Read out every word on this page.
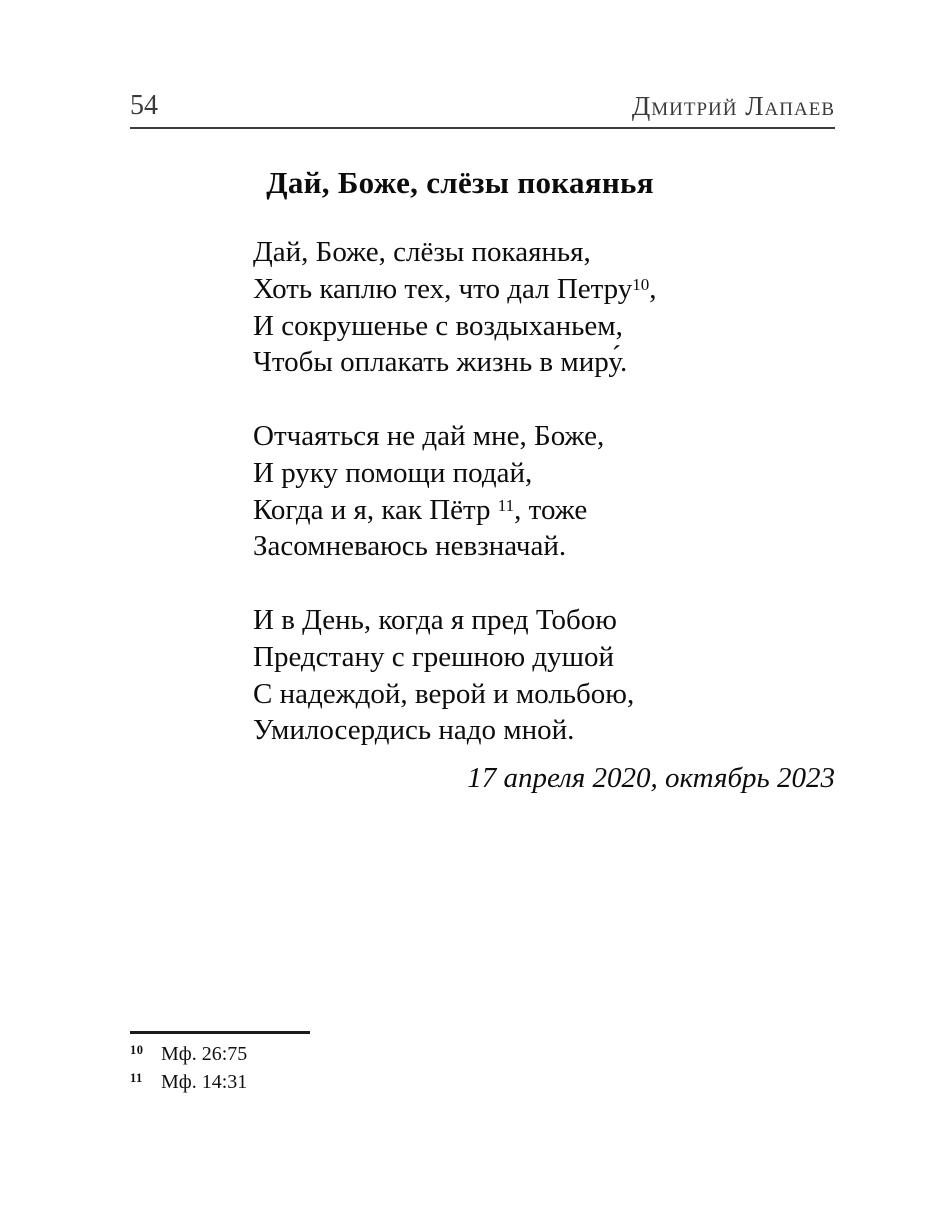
54	Дмитрий Лапаев
Дай, Боже, слёзы покаянья
Дай, Боже, слёзы покаянья,
Хоть каплю тех, что дал Петру$^{10}$,
И сокрушенье с воздыханьем,
Чтобы оплакать жизнь в миру́.
Отчаяться не дай мне, Боже,
И руку помощи подай,
Когда и я, как Пётр $^{11}$, тоже
Засомневаюсь невзначай.
И в День, когда я пред Тобою
Предстану с грешною душой
С надеждой, верой и мольбою,
Умилосердись надо мной.
17 апреля 2020, октябрь 2023
10 Мф. 26:75
11 Мф. 14:31
